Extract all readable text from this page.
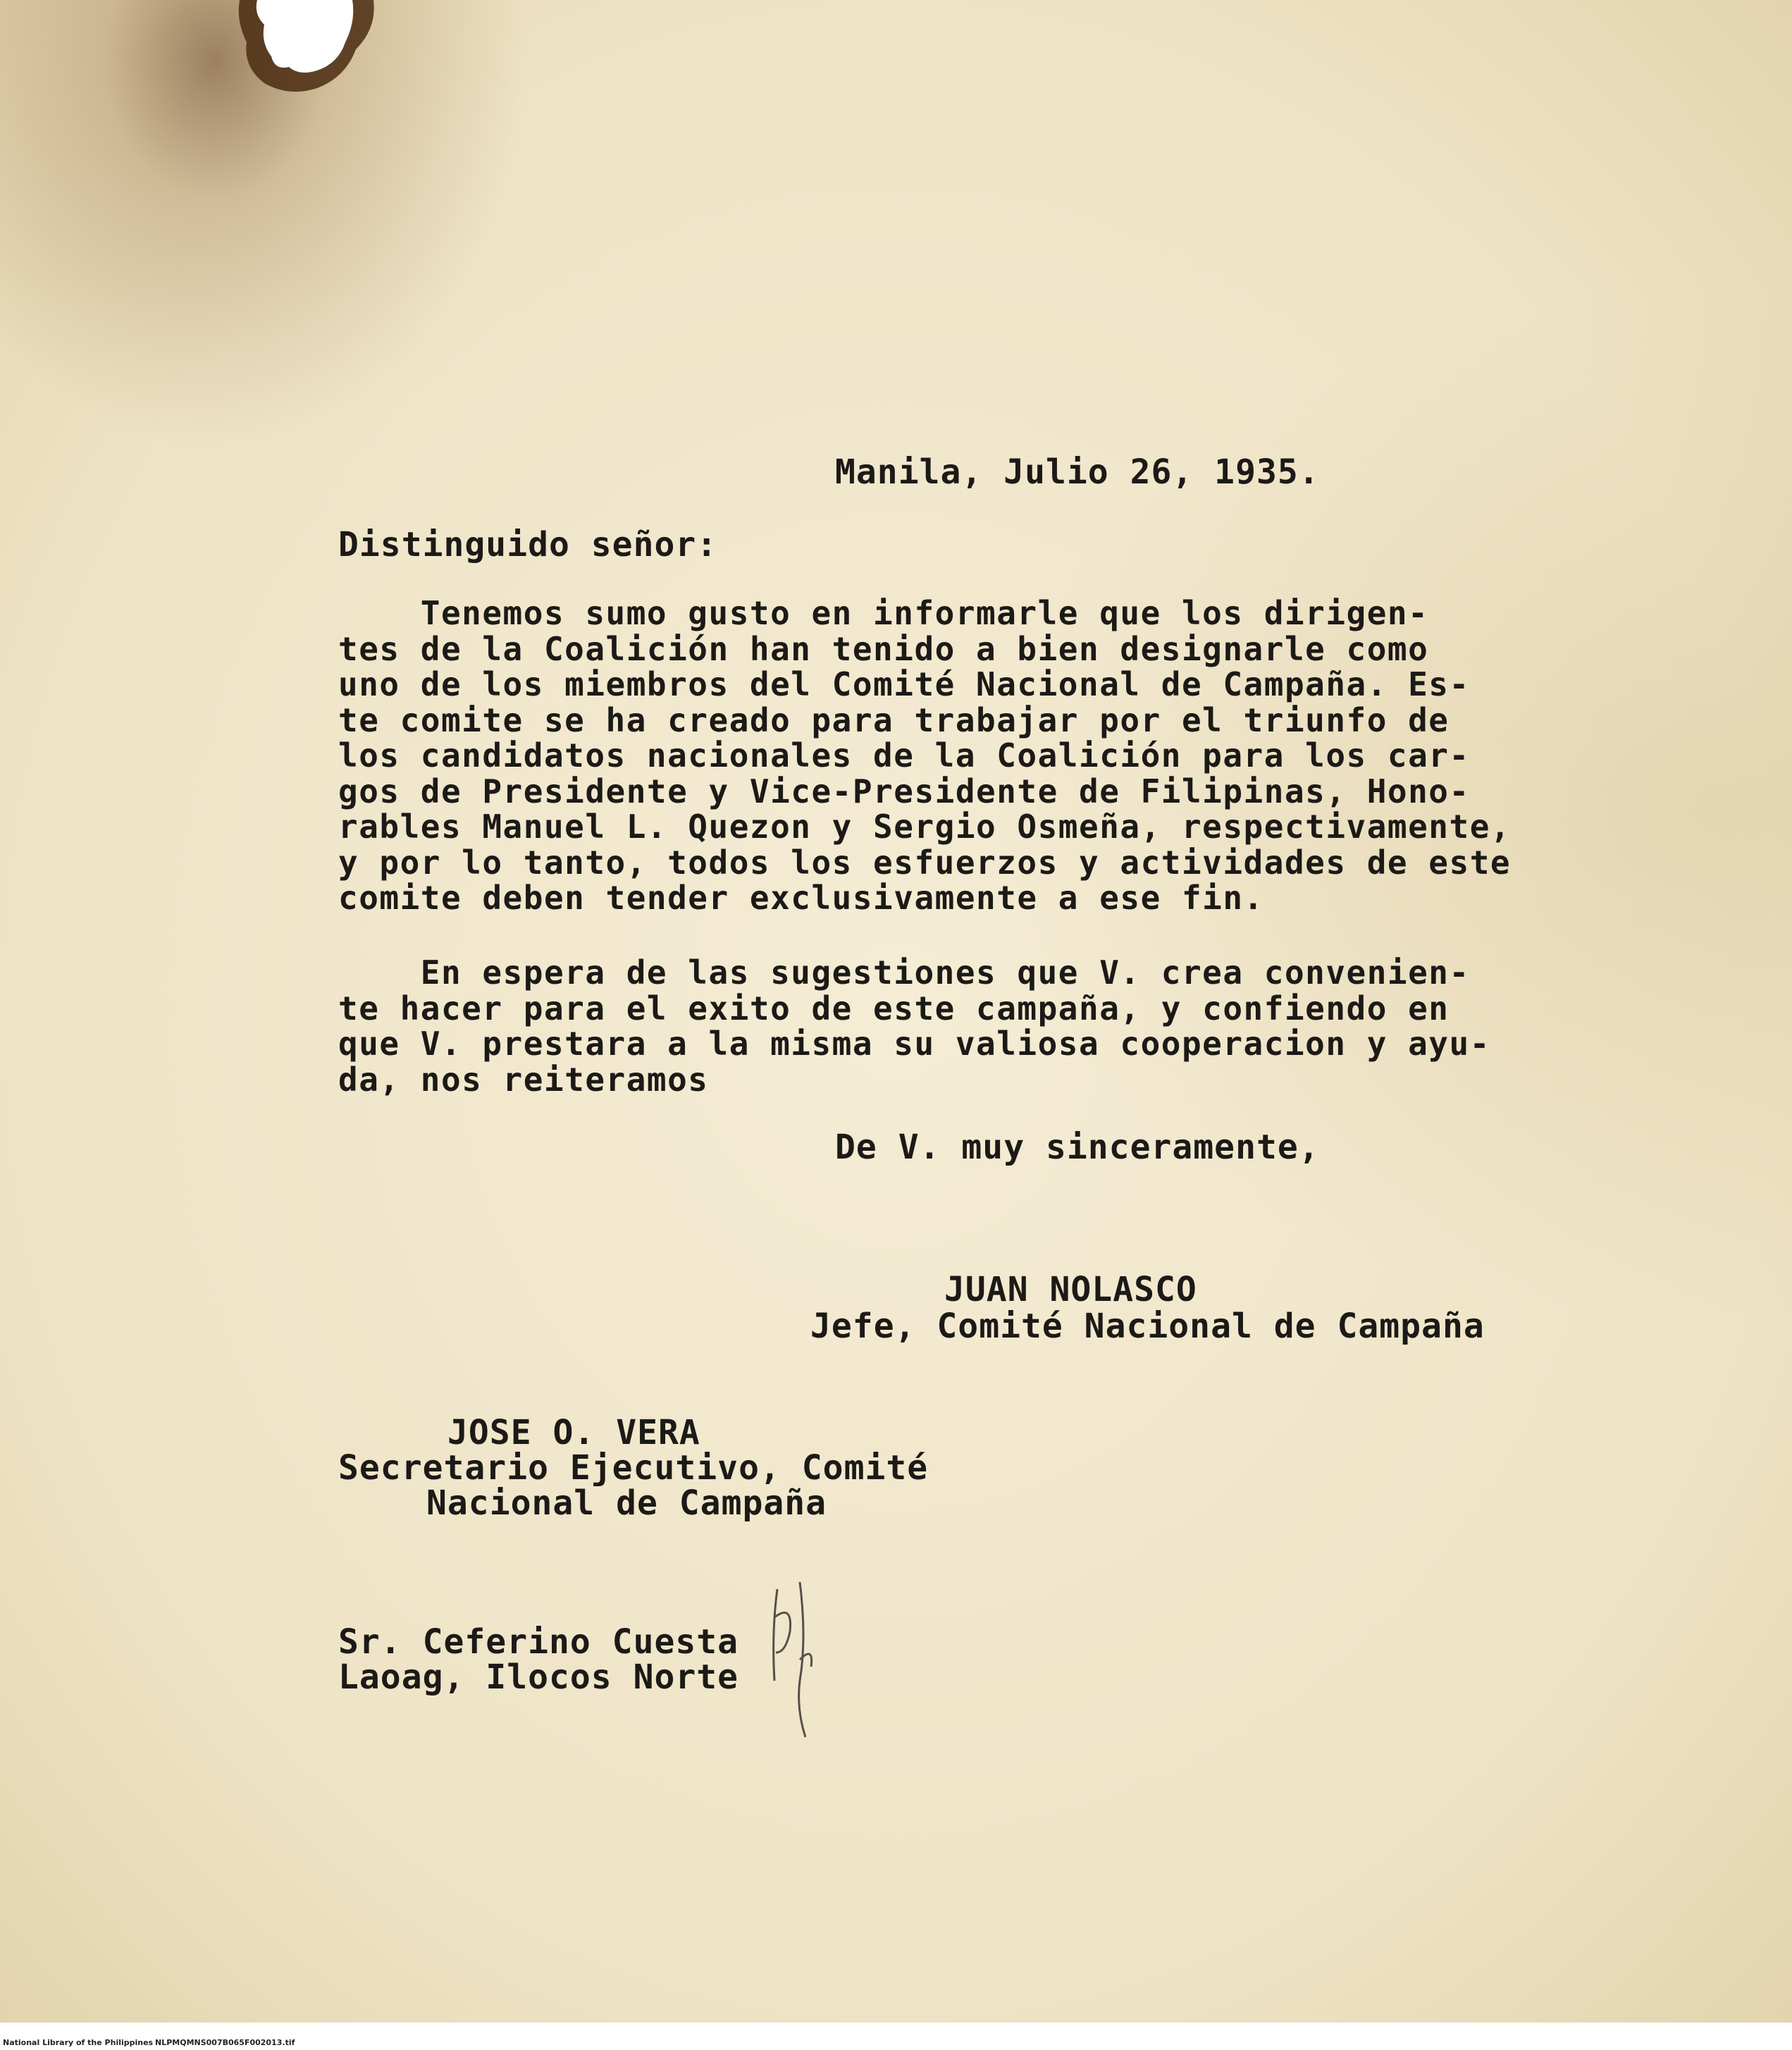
Manila, Julio 26, 1935.
Distinguido señor:
Tenemos sumo gusto en informarle que los dirigen-
tes de la Coalición han tenido a bien designarle como
uno de los miembros del Comité Nacional de Campaña. Es-
te comite se ha creado para trabajar por el triunfo de
los candidatos nacionales de la Coalición para los car-
gos de Presidente y Vice-Presidente de Filipinas, Hono-
rables Manuel L. Quezon y Sergio Osmeña, respectivamente,
y por lo tanto, todos los esfuerzos y actividades de este
comite deben tender exclusivamente a ese fin.
En espera de las sugestiones que V. crea convenien-
te hacer para el exito de este campaña, y confiendo en
que V. prestara a la misma su valiosa cooperacion y ayu-
da, nos reiteramos
De V. muy sinceramente,
JUAN NOLASCO
Jefe, Comité Nacional de Campaña
JOSE O. VERA
Secretario Ejecutivo, Comité
Nacional de Campaña
Sr. Ceferino Cuesta
Laoag, Ilocos Norte
National Library of the Philippines NLPMQMNS007B065F002013.tif
